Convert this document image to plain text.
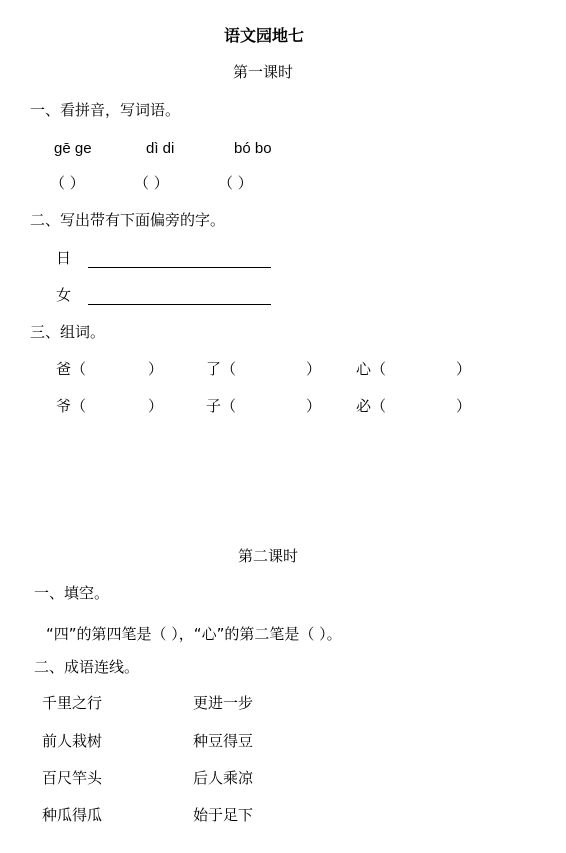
语文园地七
第一课时
一、看拼音，写词语。
gē ge	dì di	bó bo
（ ）	（ ）	（ ）
二、写出带有下面偏旁的字。
日
女
三、组词。
爸（	）	了（	） 心（	）
爷（	）	子（	） 必（	）
第二课时
一、填空。
“四”的第四笔是（ ），“心”的第二笔是（ ）。
二、成语连线。
千里之行	更进一步
前人栽树	种豆得豆
百尺竿头	后人乘凉
种瓜得瓜	始于足下
